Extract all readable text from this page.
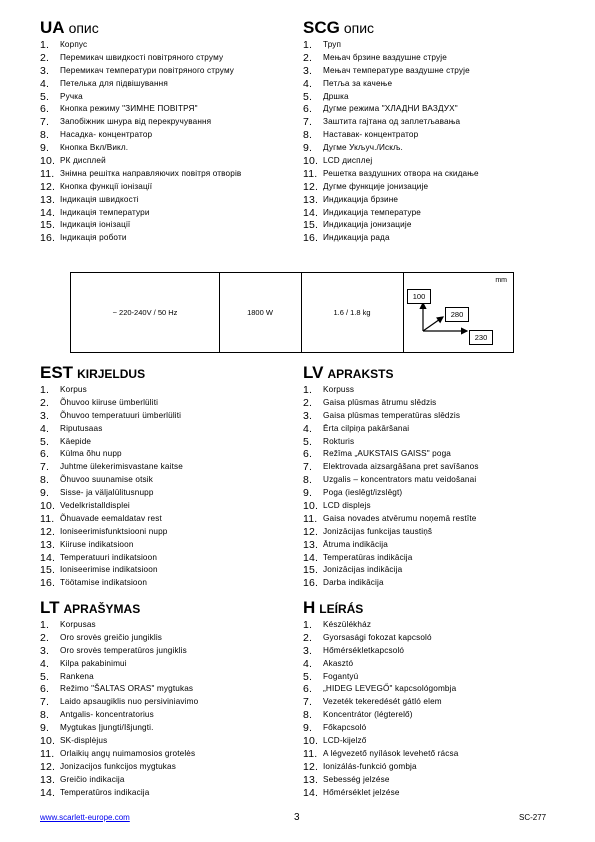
UA опис
1. Корпус
2. Перемикач швидкості повітряного струму
3. Перемикач температури повітряного струму
4. Петелька для підвішування
5. Ручка
6. Кнопка режиму "ЗИМНЕ ПОВІТРЯ"
7. Запобіжник шнура від перекручування
8. Насадка- концентратор
9. Кнопка Вкл/Викл.
10. РК дисплей
11. Знімна решітка направляючих повітря отворів
12. Кнопка функції іонізації
13. Індикація швидкості
14. Індикація температури
15. Індикація іонізації
16. Індикація роботи
SCG опис
1. Труп
2. Мењач брзине ваздушне струје
3. Мењач температуре ваздушне струје
4. Петља за качење
5. Дршка
6. Дугме режима "ХЛАДНИ ВАЗДУХ"
7. Заштита гајтана од заплетљавања
8. Наставак- концентратор
9. Дугме Укључ./Искљ.
10. LCD дисплеј
11. Решетка ваздушних отвора на скидање
12. Дугме функције јонизације
13. Индикација брзине
14. Индикација температуре
15. Индикација јонизације
16. Индикација рада
~ 220-240V / 50 Hz	1800 W	1.6 / 1.8 kg
mm
100
280
230
EST KIRJELDUS
1. Korpus
2. Õhuvoo kiiruse ümberlüliti
3. Õhuvoo temperatuuri ümberlüliti
4. Riputusaas
5. Käepide
6. Külma õhu nupp
7. Juhtme ülekerimisvastane kaitse
8. Õhuvoo suunamise otsik
9. Sisse- ja väljalülitusnupp
10. Vedelkristalldisplei
11. Õhuavade eemaldatav rest
12. Ioniseerimisfunktsiooni nupp
13. Kiiruse indikatsioon
14. Temperatuuri indikatsioon
15. Ioniseerimise indikatsioon
16. Töötamise indikatsioon
LV APRAKSTS
1. Korpuss
2. Gaisa plūsmas ātrumu slēdzis
3. Gaisa plūsmas temperatūras slēdzis
4. Ērta cilpiņa pakāršanai
5. Rokturis
6. Režīma „AUKSTAIS GAISS" poga
7. Elektrovada aizsargāšana pret savīšanos
8. Uzgalis – koncentrators matu veidošanai
9. Poga (ieslēgt/izslēgt)
10. LCD displejs
11. Gaisa novades atvērumu noņemā restīte
12. Jonizācijas funkcijas taustiņš
13. Ātruma indikācija
14. Temperatūras indikācija
15. Jonizācijas indikācija
16. Darba indikācija
LT APRAŠYMAS
1. Korpusas
2. Oro srovės greičio jungiklis
3. Oro srovės temperatūros jungiklis
4. Kilpa pakabinimui
5. Rankena
6. Režimo "ŠALTAS ORAS" mygtukas
7. Laido apsaugiklis nuo persiviniavimo
8. Antgalis- koncentratorius
9. Mygtukas Įjungti/Išjungti.
10. SK-displėjus
11. Orlaikių angų nuimamosios grotelės
12. Jonizacijos funkcijos mygtukas
13. Greičio indikacija
14. Temperatūros indikacija
H LEÍRÁS
1. Készülékház
2. Gyorsasági fokozat kapcsoló
3. Hőmérsékletkapcsoló
4. Akasztó
5. Fogantyú
6. „HIDEG LEVEGŐ" kapcsológombja
7. Vezeték tekeredését gátló elem
8. Koncentrátor (légterelő)
9. Főkapcsoló
10. LCD-kijelző
11. A légvezető nyílások levehető rácsa
12. Ionizálás-funkció gombja
13. Sebesség jelzése
14. Hőmérséklet jelzése
www.scarlett-europe.com	3	SC-277
